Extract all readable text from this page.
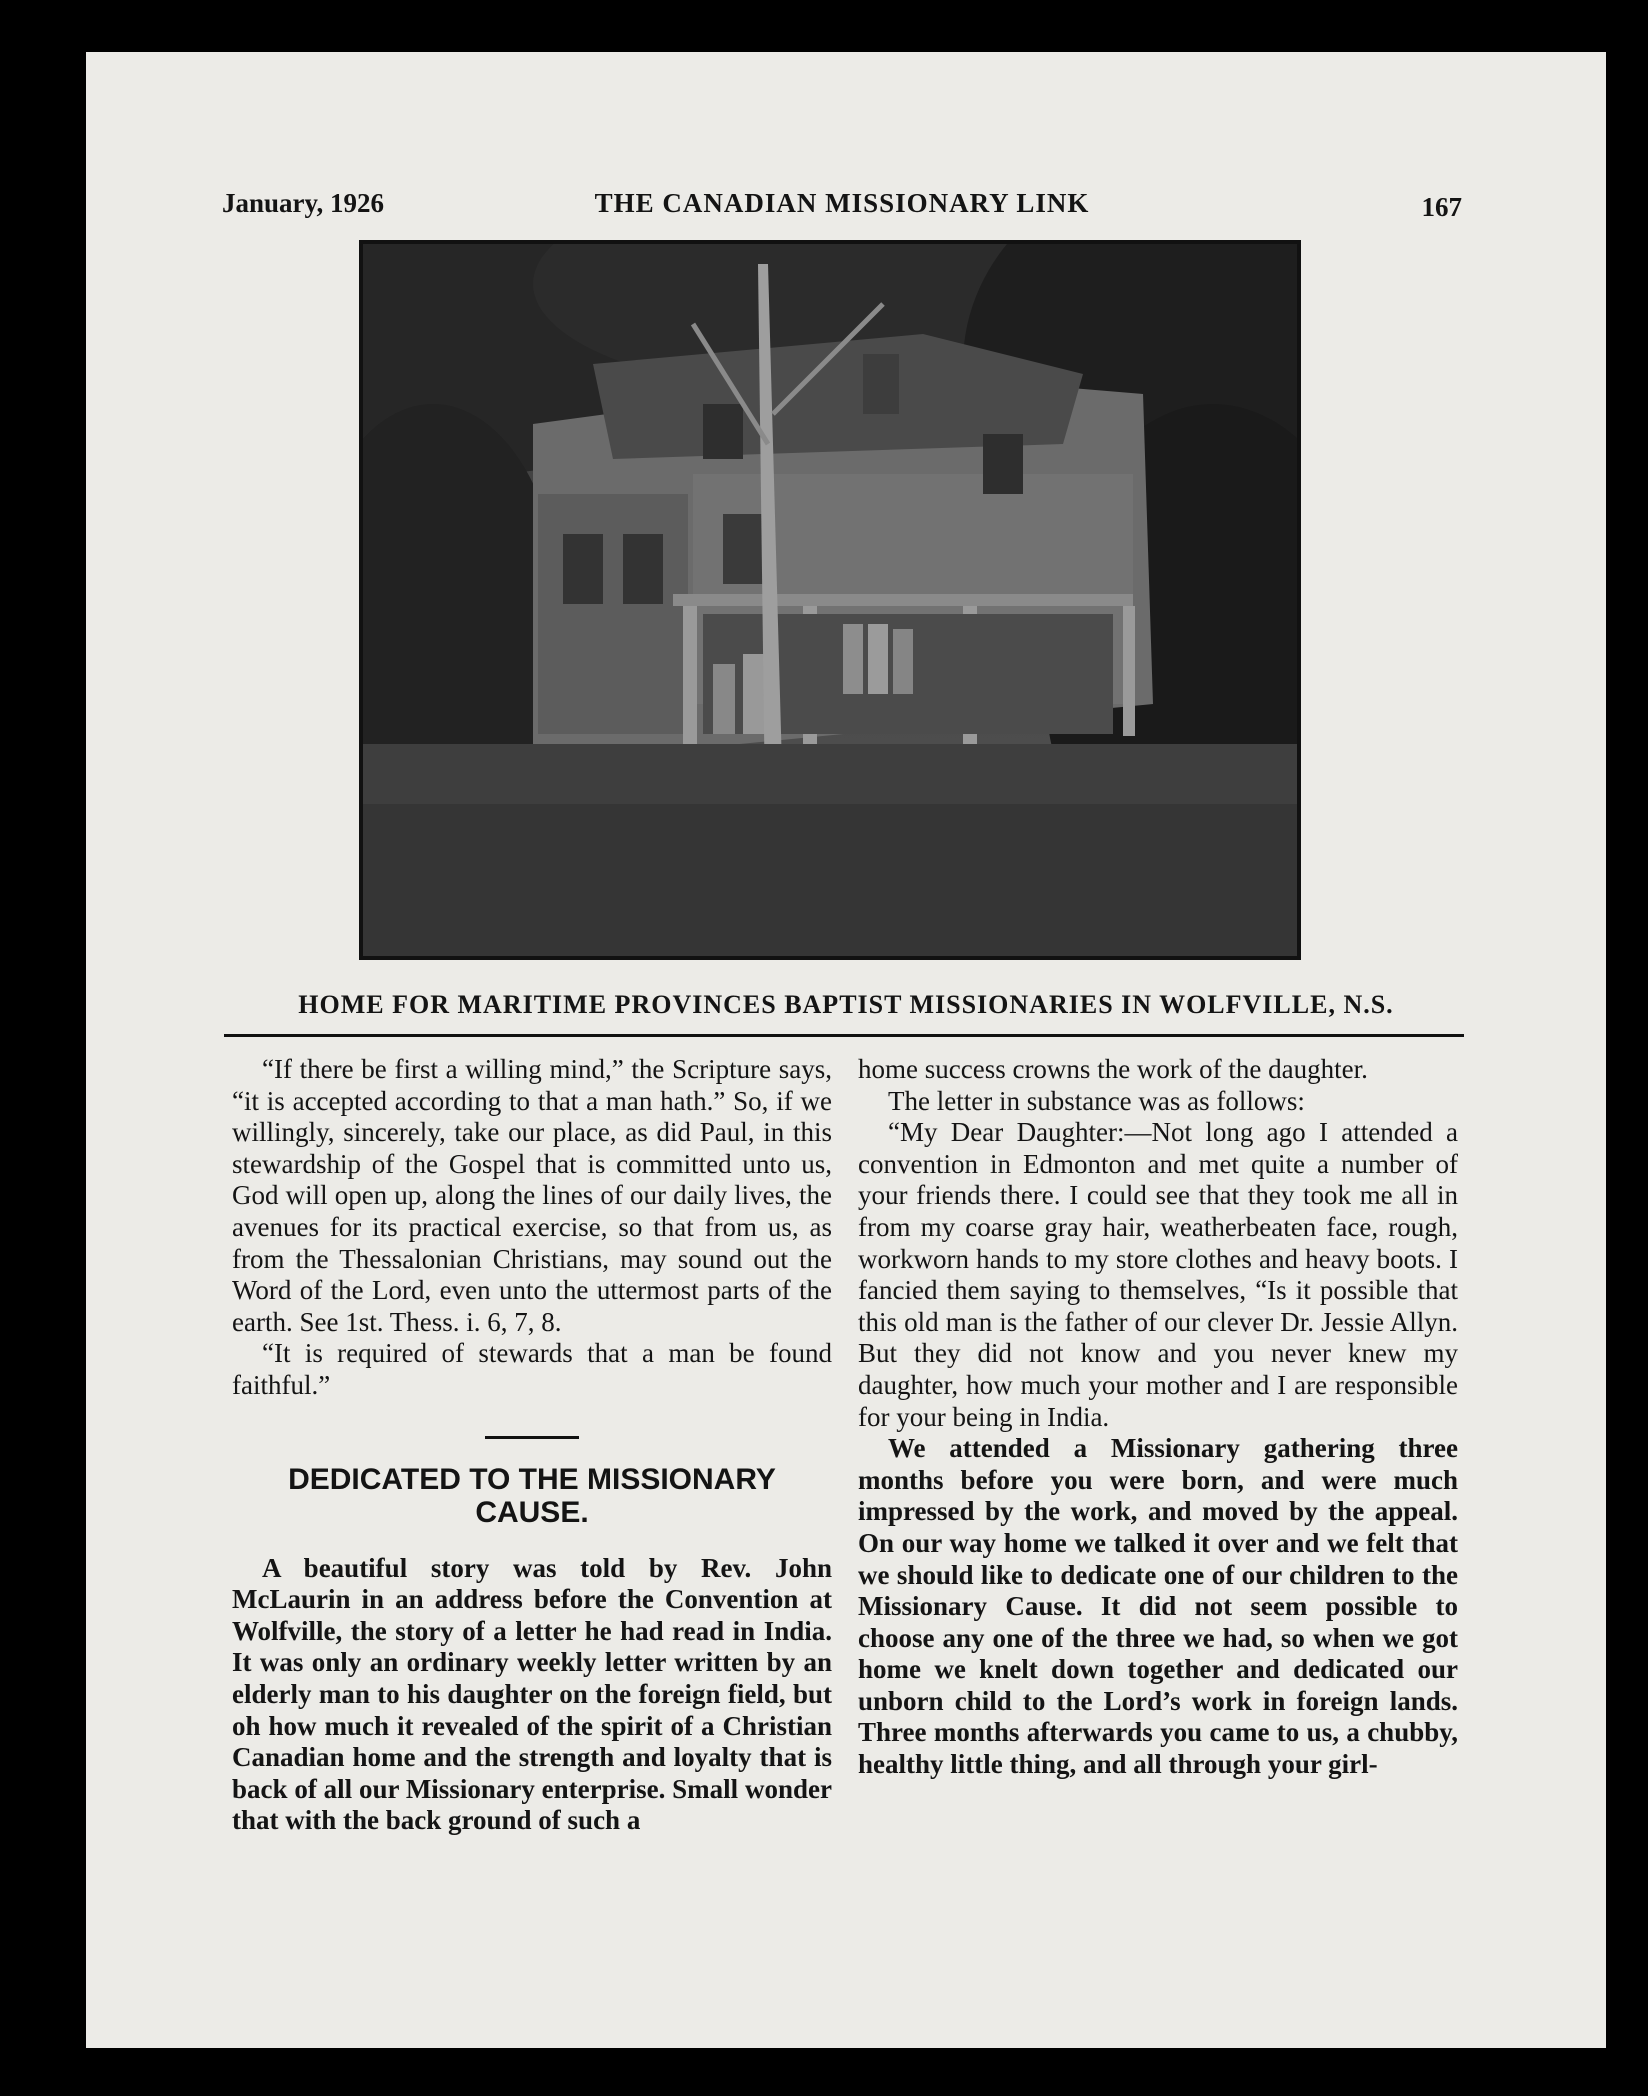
January, 1926	THE CANADIAN MISSIONARY LINK	167
HOME FOR MARITIME PROVINCES BAPTIST MISSIONARIES IN WOLFVILLE, N.S.

“If there be first a willing mind,” the Scripture says, “it is accepted according to that a man hath.” So, if we willingly, sincerely, take our place, as did Paul, in this stewardship of the Gospel that is committed unto us, God will open up, along the lines of our daily lives, the avenues for its practical exercise, so that from us, as from the Thessalonian Christians, may sound out the Word of the Lord, even unto the uttermost parts of the earth. See 1st. Thess. i. 6, 7, 8.

“It is required of stewards that a man be found faithful.”

DEDICATED TO THE MISSIONARY CAUSE.

A beautiful story was told by Rev. John McLaurin in an address before the Convention at Wolfville, the story of a letter he had read in India. It was only an ordinary weekly letter written by an elderly man to his daughter on the foreign field, but oh how much it revealed of the spirit of a Christian Canadian home and the strength and loyalty that is back of all our Missionary enterprise. Small wonder that with the back ground of such a

home success crowns the work of the daughter.

The letter in substance was as follows:

“My Dear Daughter:—Not long ago I attended a convention in Edmonton and met quite a number of your friends there. I could see that they took me all in from my coarse gray hair, weatherbeaten face, rough, workworn hands to my store clothes and heavy boots. I fancied them saying to themselves, “Is it possible that this old man is the father of our clever Dr. Jessie Allyn. But they did not know and you never knew my daughter, how much your mother and I are responsible for your being in India.

We attended a Missionary gathering three months before you were born, and were much impressed by the work, and moved by the appeal. On our way home we talked it over and we felt that we should like to dedicate one of our children to the Missionary Cause. It did not seem possible to choose any one of the three we had, so when we got home we knelt down together and dedicated our unborn child to the Lord’s work in foreign lands. Three months afterwards you came to us, a chubby, healthy little thing, and all through your girl-
